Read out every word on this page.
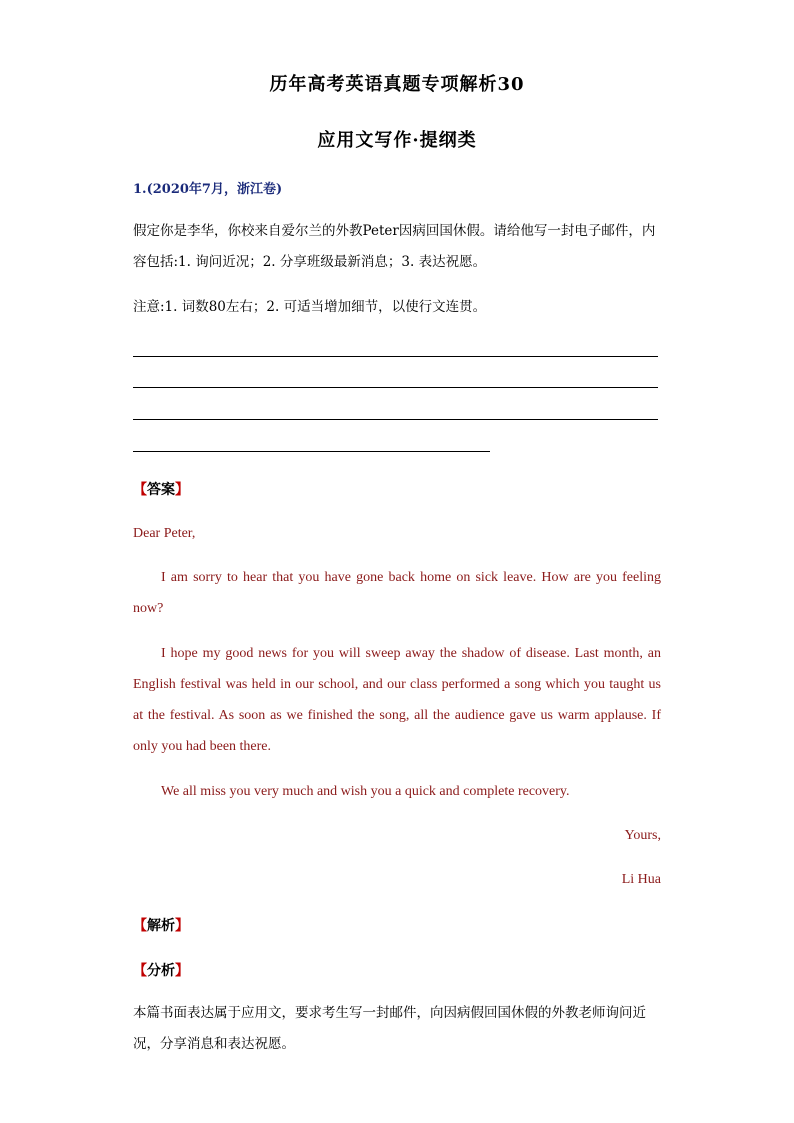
历年高考英语真题专项解析30
应用文写作·提纲类
1.(2020年7月，浙江卷)
假定你是李华，你校来自爱尔兰的外教Peter因病回国休假。请给他写一封电子邮件，内容包括:1. 询问近况；2. 分享班级最新消息；3. 表达祝愿。
注意:1. 词数80左右；2. 可适当增加细节，以使行文连贯。
【答案】
Dear Peter,
I am sorry to hear that you have gone back home on sick leave. How are you feeling now?
I hope my good news for you will sweep away the shadow of disease. Last month, an English festival was held in our school, and our class performed a song which you taught us at the festival. As soon as we finished the song, all the audience gave us warm applause. If only you had been there.
We all miss you very much and wish you a quick and complete recovery.
Yours,
Li Hua
【解析】
【分析】
本篇书面表达属于应用文，要求考生写一封邮件，向因病假回国休假的外教老师询问近况，分享消息和表达祝愿。
